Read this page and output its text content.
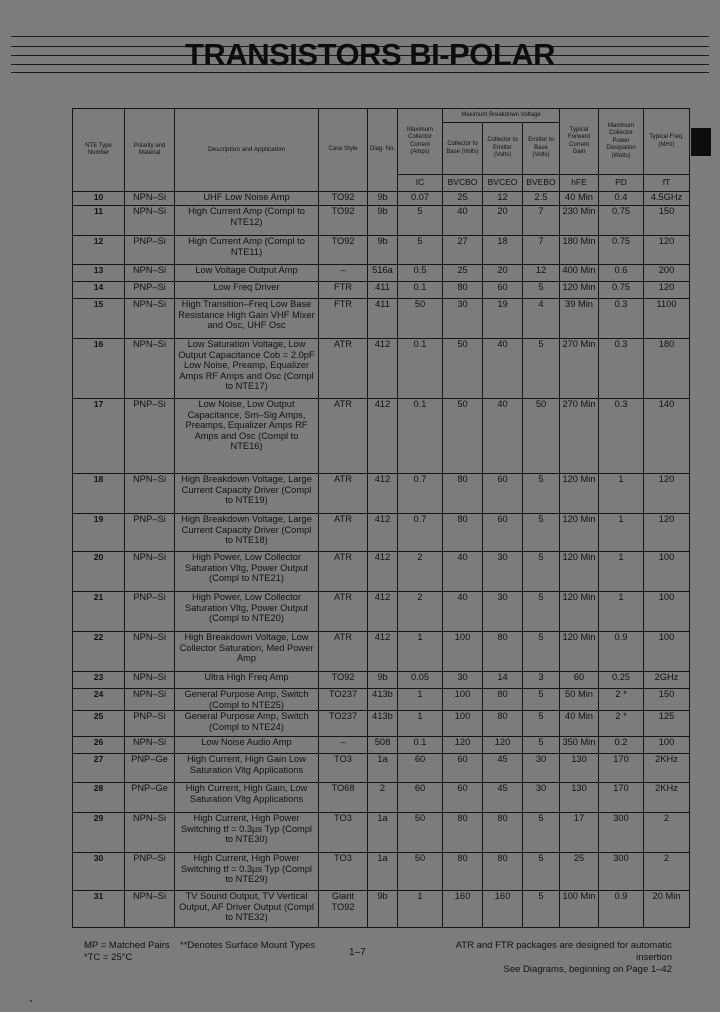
TRANSISTORS BI-POLAR
NTE Type Number	Polarity and Material	Description and Application	Case Style	Diag. No.	Maximum Collector Current (Amps)	Maximum Breakdown Voltage			Typical Forward Current Gain	Maximum Collector Power Dissipation (Watts)	Typical Freq. (MHz)
						Collector to Base (Volts)	Collector to Emitter (Volts)	Emitter to Base (Volts)			
					IC	BVCBO	BVCEO	BVEBO	hFE	PD	fT
10	NPN–Si	UHF Low Noise Amp	TO92	9b	0.07	25	12	2.5	40 Min	0.4	4.5GHz
11	NPN–Si	High Current Amp (Compl to NTE12)	TO92	9b	5	40	20	7	230 Min	0.75	150
12	PNP–Si	High Current Amp (Compl to NTE11)	TO92	9b	5	27	18	7	180 Min	0.75	120
13	NPN–Si	Low Voltage Output Amp	–	516a	0.5	25	20	12	400 Min	0.6	200
14	PNP–Si	Low Freq Driver	FTR	411	0.1	80	60	5	120 Min	0.75	120
15	NPN–Si	High Transition–Freq Low Base Resistance High Gain VHF Mixer and Osc, UHF Osc	FTR	411	50	30	19	4	39 Min	0.3	1100
16	NPN–Si	Low Saturation Voltage, Low Output Capacitance Cob = 2.0pF Low Noise, Preamp, Equalizer Amps RF Amps and Osc (Compl to NTE17)	ATR	412	0.1	50	40	5	270 Min	0.3	180
17	PNP–Si	Low Noise, Low Output Capacitance, Sm–Sig Amps, Preamps, Equalizer Amps RF Amps and Osc (Compl to NTE16)	ATR	412	0.1	50	40	50	270 Min	0.3	140
18	NPN–Si	High Breakdown Voltage, Large Current Capacity Driver (Compl to NTE19)	ATR	412	0.7	80	60	5	120 Min	1	120
19	PNP–Si	High Breakdown Voltage, Large Current Capacity Driver (Compl to NTE18)	ATR	412	0.7	80	60	5	120 Min	1	120
20	NPN–Si	High Power, Low Collector Saturation Vltg, Power Output (Compl to NTE21)	ATR	412	2	40	30	5	120 Min	1	100
21	PNP–Si	High Power, Low Collector Saturation Vltg, Power Output (Compl to NTE20)	ATR	412	2	40	30	5	120 Min	1	100
22	NPN–Si	High Breakdown Voltage, Low Collector Saturation, Med Power Amp	ATR	412	1	100	80	5	120 Min	0.9	100
23	NPN–Si	Ultra High Freq Amp	TO92	9b	0.05	30	14	3	60	0.25	2GHz
24	NPN–Si	General Purpose Amp, Switch (Compl to NTE25)	TO237	413b	1	100	80	5	50 Min	2 *	150
25	PNP–Si	General Purpose Amp, Switch (Compl to NTE24)	TO237	413b	1	100	80	5	40 Min	2 *	125
26	NPN–Si	Low Noise Audio Amp	–	508	0.1	120	120	5	350 Min	0.2	100
27	PNP–Ge	High Current, High Gain Low Saturation Vltg Applications	TO3	1a	60	60	45	30	130	170	2KHz
28	PNP–Ge	High Current, High Gain, Low Saturation Vltg Applications	TO68	2	60	60	45	30	130	170	2KHz
29	NPN–Si	High Current, High Power Switching tf = 0.3µs Typ (Compl to NTE30)	TO3	1a	50	80	80	5	17	300	2
30	PNP–Si	High Current, High Power Switching tf = 0.3µs Typ (Compl to NTE29)	TO3	1a	50	80	80	5	25	300	2
31	NPN–Si	TV Sound Output, TV Vertical Output, AF Driver Output (Compl to NTE32)	Giant TO92	9b	1	160	160	5	100 Min	0.9	20 Min
MP = Matched Pairs
*TC = 25°C
**Denotes Surface Mount Types
1–7
ATR and FTR packages are designed for automatic insertion
See Diagrams, beginning on Page 1–42
